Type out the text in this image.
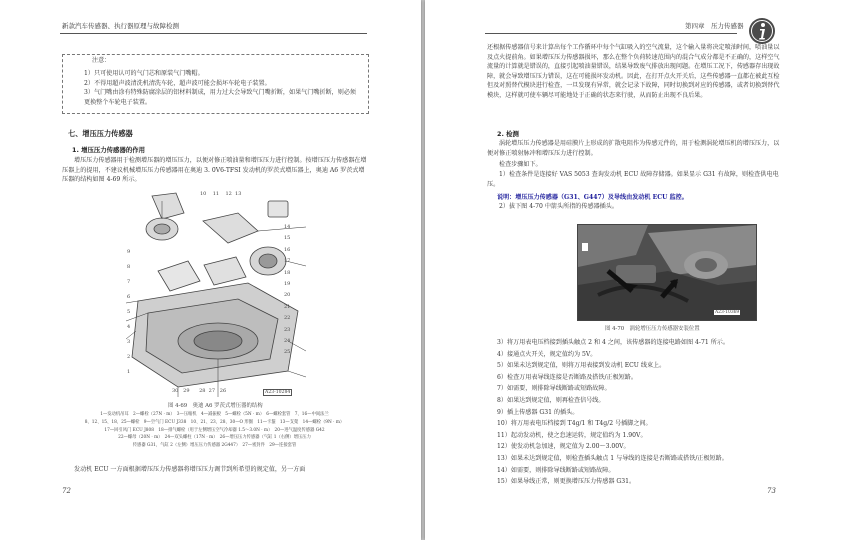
新款汽车传感器、执行器原理与故障检测
注意：

1）只可使用认可的气门芯和原装气门嘴帽。

2）不得用超声波清洗机清洗车轮，超声波可能会损坏车轮电子装置。

3）气门嘴由涂有特殊防腐涂层的铝材料制成，用力过大会导致气门嘴折断，如果气门嘴折断，则必须更换整个车轮电子装置。

七、增压压力传感器
1. 增压压力传感器的作用
增压压力传感器用于检测增压器的增压压力，以便对修正喷油量和增压压力进行控制。按增压压力传感器在增压器上的提用，不建议机械增压压力传感器用在奥迪 3. 0V6-TFSI 发动机的罗茨式增压器上，奥迪 A6 罗茨式增压器的结构如图 4-69 所示。
10 11 12 13
14
15
16
17
18
19
20
21
22
23
24
25
9
8
7
6
5
4
3
2
1
30 29 28 27 26	A23-10284
图 4-69　奥迪 A6 罗茨式增压器的结构
1—发动机吊耳　2—螺栓（27N · m）　3—压缩机　4—减振板　5—螺栓（5N · m）　6—螺栓套管　7、16—中间法兰
8、12、15、18、25—螺栓　9—空气门 ECU J338　10、21、23、28、30—O 形圈　11—卡箍　13—支架　14—螺栓（9N · m）
17—回引风门 ECU J808　18—排气螺栓（用于左侧增压空气冷却器 1.5～3.0N · m）　20—进气温度传感器 G42
22—螺母（20N · m）　24—双头螺柱（17N · m）　26—增压压力传感器（气缸 1（右侧）增压压力
传感器 G31，气缸 2（左侧）增压压力传感器 2G447）　27—密封件　29—连接套管
发动机 ECU 一方面根据增压压力传感器将增压压力调节到所希望的规定值，另一方面
72
第四章　压力传感器
还根据传感器信号来计算出每个工作循环中每个气缸吸入的空气流量，这个输入量将决定喷油时间，喷油量以及点火提前角。如果增压压力传感器损坏，那么在整个负荷转速范围内的混合气成分都是不正确的，这样空气流量的计算就是错误的，直接引起喷油量错误，结果导致废气排放出现问题。在增压工况下，传感器存出现故障，就会导致增压压力错误，这在可能损坏发动机。因此，在打开点火开关后，这些传感器一直都在被此互检但及对照替代模块进行检查，一旦发现有异常，就会记录下故障，同时切换到对应的传感器，或者切换到替代模块，这样就可使车辆尽可能地处于正确的状态来行驶，从而防止出现不良后果。
2. 检测
涡轮增压压力传感器是用硅膜片上形成的扩散电阻作为传感元件的，用于检测涡轮增压机的增压压力，以便对修正喷射脉冲和增压压力进行控制。
检查步骤如下。
1）检查条件是连接好 VAS 5053 查询发动机 ECU 故障存储器。如果显示 G31 有故障，则检查供电电压。
说明：增压压力传感器（G31、G447）及导线由发动机 ECU 监控。
2）拔下图 4-70 中箭头所指的传感器插头。
A23-10369
图 4-70　涡轮增压压力传感器安装位置

3）将万用表电压档接到插头触点 2 和 4 之间，该传感器的连接电路如图 4-71 所示。

4）接通点火开关，规定值约为 5V。

5）如果未达到规定值，则将万用表接到发动机 ECU 线束上。

6）检查万用表导线连接是否断路及搭铁/正极短路。

7）如需要，则排除导线断路或短路故障。

8）如果达到规定值，则再检查信号线。

9）插上传感器 G31 的插头。

10）将万用表电压档接到 T4g/1 和 T4g/2 号插脚之间。

11）起动发动机，使之怠速运转，规定值约为 1.90V。

12）使发动机急加速，规定值为 2.00～3.00V。

13）如果未达到规定值，则检查插头触点 1 与导线的连接是否断路或搭铁/正极短路。

14）如需要，则排除导线断路或短路故障。

15）如果导线正常，则更换增压压力传感器 G31。

73
